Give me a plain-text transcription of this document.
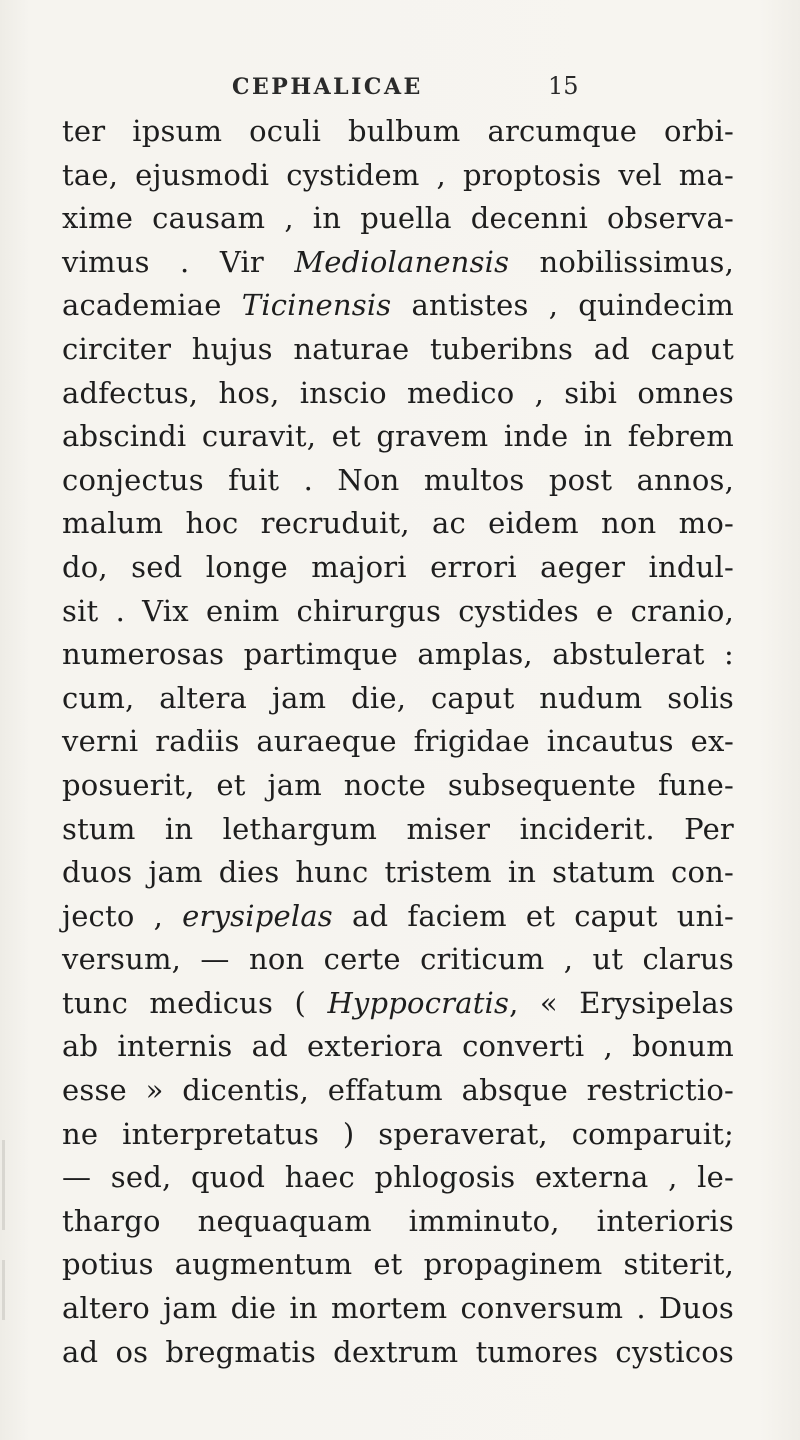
CEPHALICAE	15
ter ipsum oculi bulbum arcumque orbi-
tae, ejusmodi cystidem , proptosis vel ma-
xime causam , in puella decenni observa-
vimus . Vir Mediolanensis nobilissimus,
academiae Ticinensis antistes , quindecim
circiter hujus naturae tuberibns ad caput
adfectus, hos, inscio medico , sibi omnes
abscindi curavit, et gravem inde in febrem
conjectus fuit . Non multos post annos,
malum hoc recruduit, ac eidem non mo-
do, sed longe majori errori aeger indul-
sit . Vix enim chirurgus cystides e cranio,
numerosas partimque amplas, abstulerat :
cum, altera jam die, caput nudum solis
verni radiis auraeque frigidae incautus ex-
posuerit, et jam nocte subsequente fune-
stum in lethargum miser inciderit. Per
duos jam dies hunc tristem in statum con-
jecto , erysipelas ad faciem et caput uni-
versum, — non certe criticum , ut clarus
tunc medicus ( Hyppocratis, « Erysipelas
ab internis ad exteriora converti , bonum
esse » dicentis, effatum absque restrictio-
ne interpretatus ) speraverat, comparuit;
— sed, quod haec phlogosis externa , le-
thargo nequaquam imminuto, interioris
potius augmentum et propaginem stiterit,
altero jam die in mortem conversum . Duos
ad os bregmatis dextrum tumores cysticos
